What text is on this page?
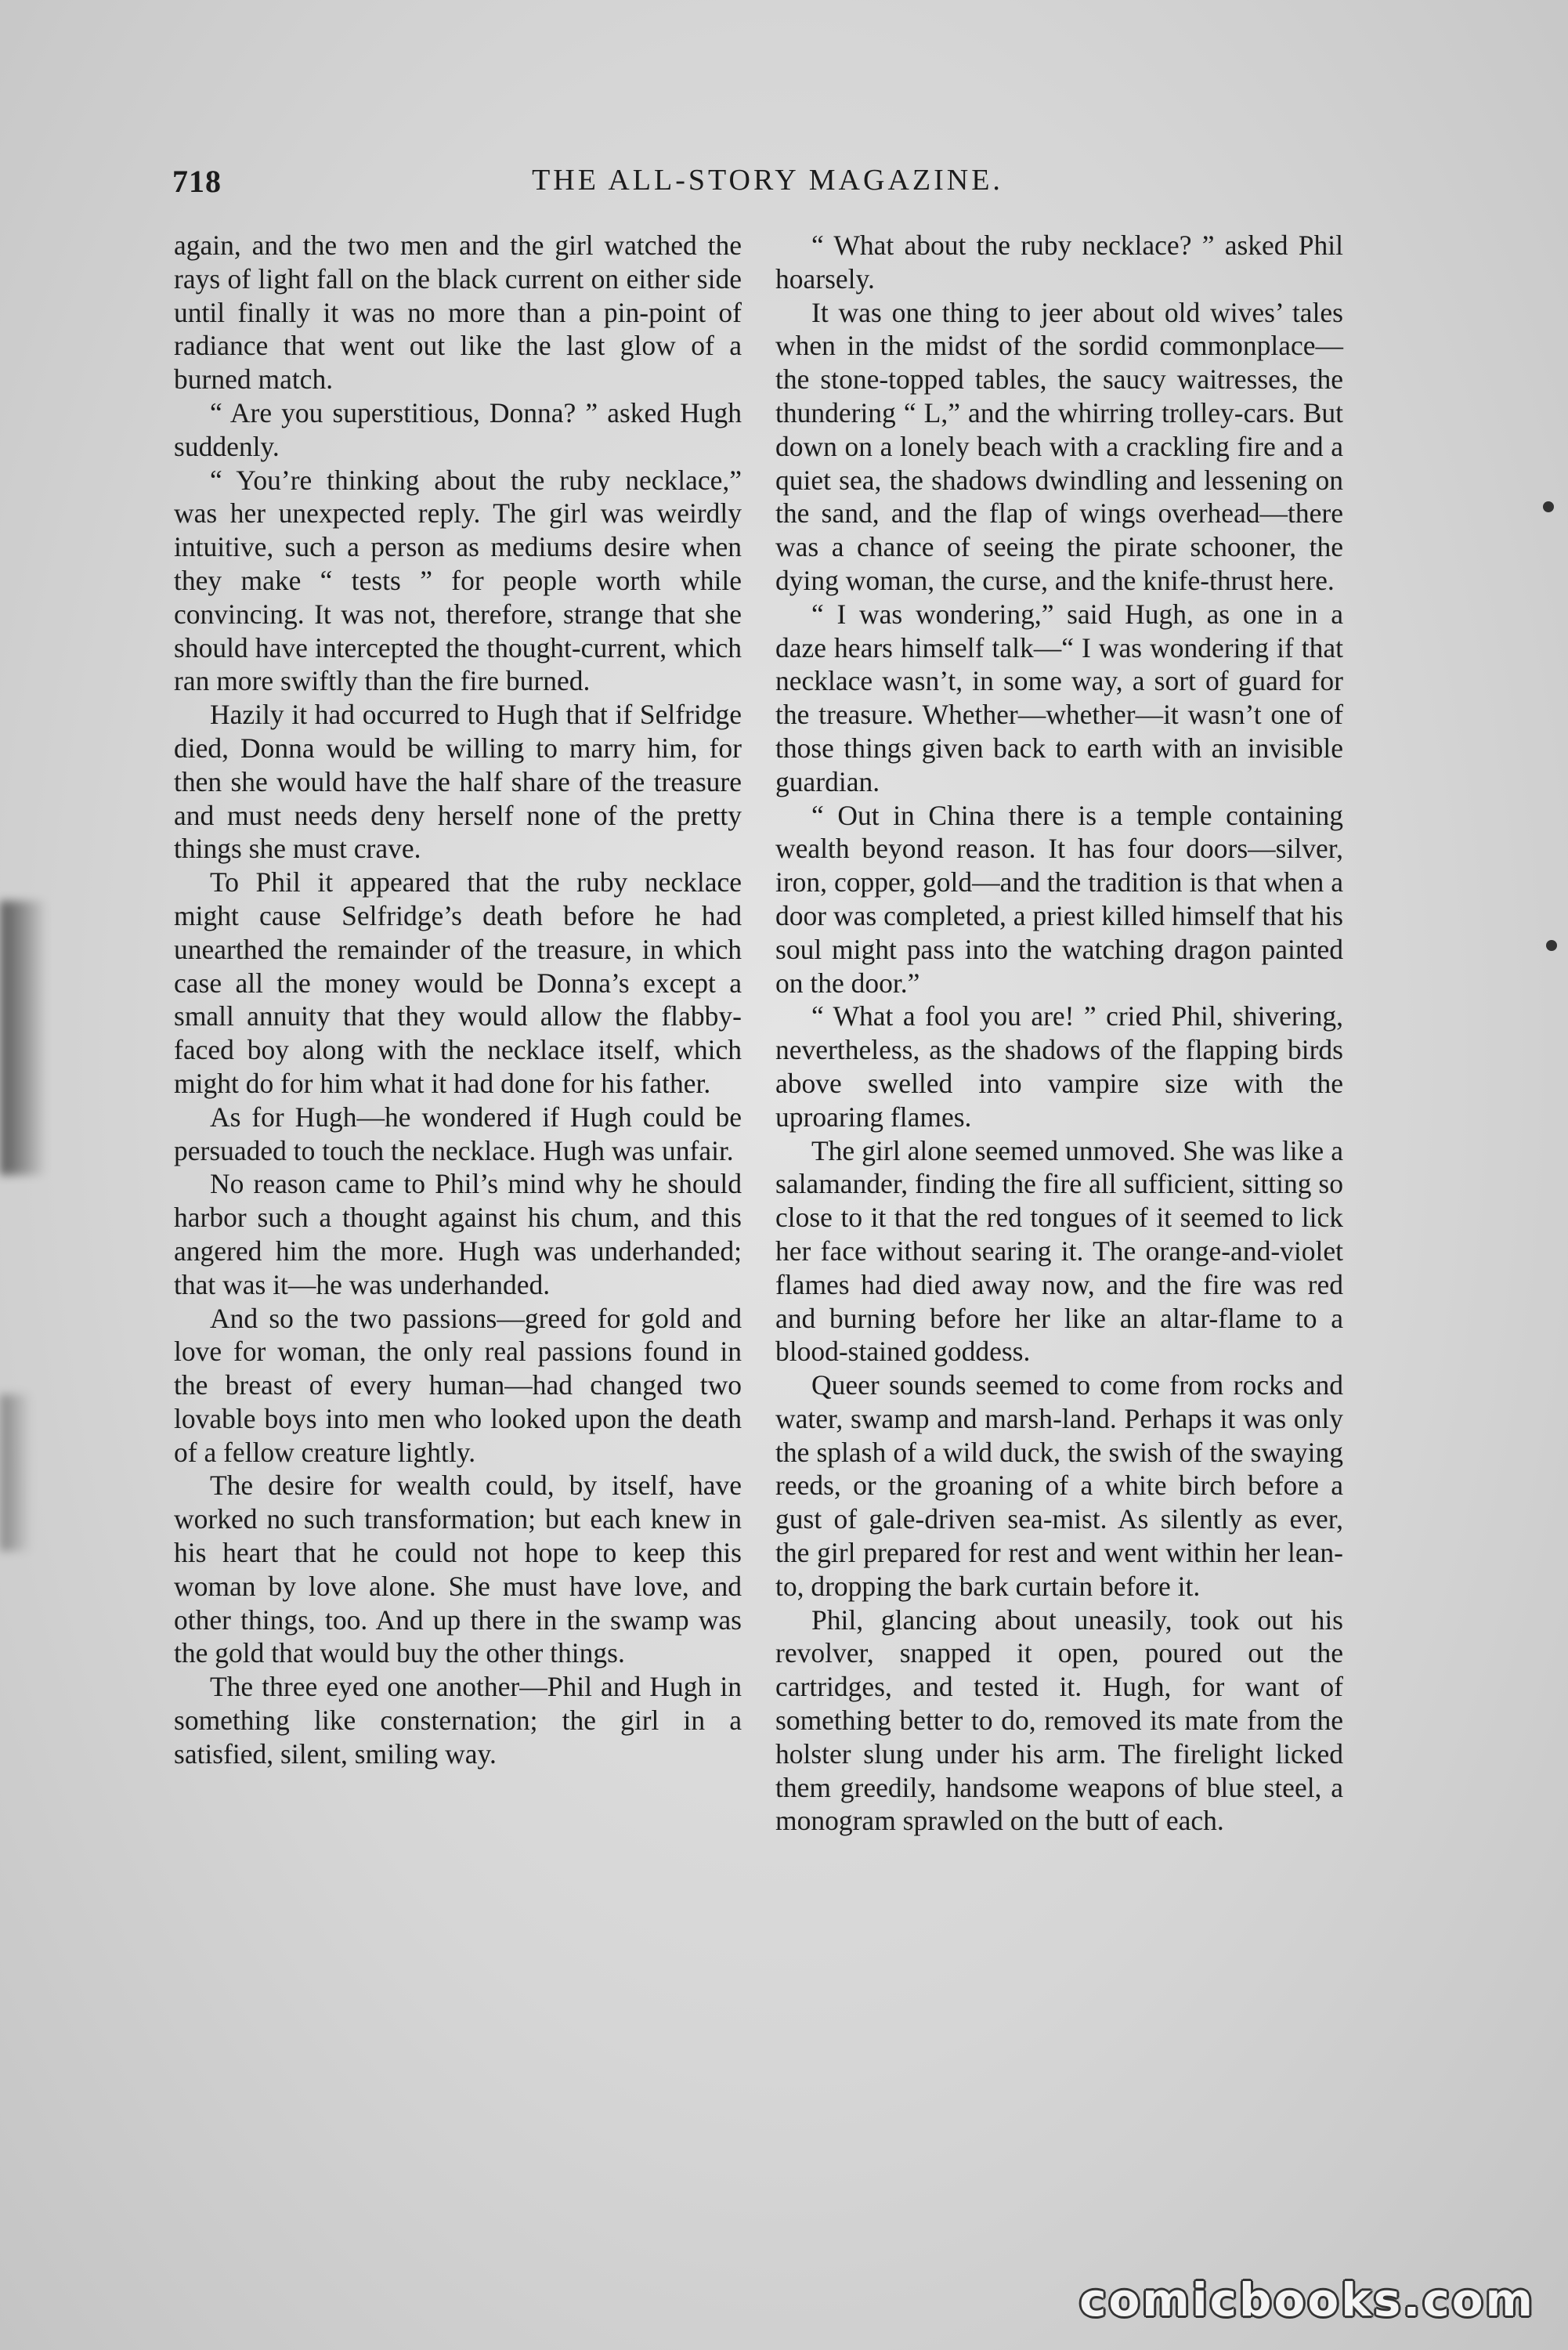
718	THE ALL-STORY MAGAZINE.

again, and the two men and the girl watched the rays of light fall on the black current on either side until finally it was no more than a pin-point of radiance that went out like the last glow of a burned match.

“ Are you superstitious, Donna? ” asked Hugh suddenly.

“ You’re thinking about the ruby necklace,” was her unexpected reply. The girl was weirdly intuitive, such a person as mediums desire when they make “ tests ” for people worth while convincing. It was not, therefore, strange that she should have intercepted the thought-current, which ran more swiftly than the fire burned.

Hazily it had occurred to Hugh that if Selfridge died, Donna would be willing to marry him, for then she would have the half share of the treasure and must needs deny herself none of the pretty things she must crave.

To Phil it appeared that the ruby necklace might cause Selfridge’s death before he had unearthed the remainder of the treasure, in which case all the money would be Donna’s except a small annuity that they would allow the flabby-faced boy along with the necklace itself, which might do for him what it had done for his father.

As for Hugh—he wondered if Hugh could be persuaded to touch the necklace. Hugh was unfair.

No reason came to Phil’s mind why he should harbor such a thought against his chum, and this angered him the more. Hugh was underhanded; that was it—he was underhanded.

And so the two passions—greed for gold and love for woman, the only real passions found in the breast of every human—had changed two lovable boys into men who looked upon the death of a fellow creature lightly.

The desire for wealth could, by itself, have worked no such transformation; but each knew in his heart that he could not hope to keep this woman by love alone. She must have love, and other things, too. And up there in the swamp was the gold that would buy the other things.

The three eyed one another—Phil and Hugh in something like consternation; the girl in a satisfied, silent, smiling way.

“ What about the ruby necklace? ” asked Phil hoarsely.

It was one thing to jeer about old wives’ tales when in the midst of the sordid commonplace—the stone-topped tables, the saucy waitresses, the thundering “ L,” and the whirring trolley-cars. But down on a lonely beach with a crackling fire and a quiet sea, the shadows dwindling and lessening on the sand, and the flap of wings overhead—there was a chance of seeing the pirate schooner, the dying woman, the curse, and the knife-thrust here.

“ I was wondering,” said Hugh, as one in a daze hears himself talk—“ I was wondering if that necklace wasn’t, in some way, a sort of guard for the treasure. Whether—whether—it wasn’t one of those things given back to earth with an invisible guardian.

“ Out in China there is a temple containing wealth beyond reason. It has four doors—silver, iron, copper, gold—and the tradition is that when a door was completed, a priest killed himself that his soul might pass into the watching dragon painted on the door.”

“ What a fool you are! ” cried Phil, shivering, nevertheless, as the shadows of the flapping birds above swelled into vampire size with the uproaring flames.

The girl alone seemed unmoved. She was like a salamander, finding the fire all sufficient, sitting so close to it that the red tongues of it seemed to lick her face without searing it. The orange-and-violet flames had died away now, and the fire was red and burning before her like an altar-flame to a blood-stained goddess.

Queer sounds seemed to come from rocks and water, swamp and marsh-land. Perhaps it was only the splash of a wild duck, the swish of the swaying reeds, or the groaning of a white birch before a gust of gale-driven sea-mist. As silently as ever, the girl prepared for rest and went within her lean-to, dropping the bark curtain before it.

Phil, glancing about uneasily, took out his revolver, snapped it open, poured out the cartridges, and tested it. Hugh, for want of something better to do, removed its mate from the holster slung under his arm. The firelight licked them greedily, handsome weapons of blue steel, a monogram sprawled on the butt of each.

comicbooks.com
